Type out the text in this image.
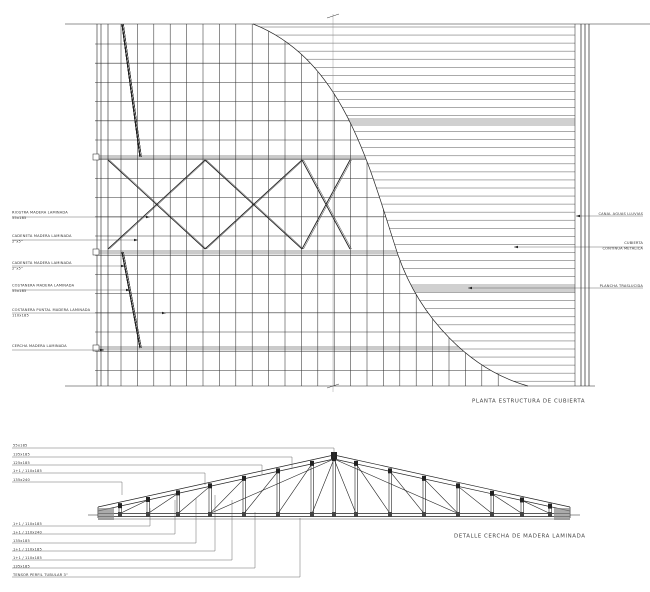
RIOSTRA MADERA LAMINADA
55x185
CADENETA MADERA LAMINADA
2"x5"
CADENETA MADERA LAMINADA
2"x5"
COSTANERA MADERA LAMINADA
55x185
COSTANERA PUNTAL MADERA LAMINADA
110x185
CERCHA MADERA LAMINADA
CANAL AGUAS LLUVIAS
CUBIERTA
CONTINUA METALICA
PLANCHA TRASLUCIDA
PLANTA ESTRUCTURA DE CUBIERTA
55x185
135x185
125x185
1+1 / 110x185
135x240
1+1 / 110x185
1+1 / 110x240
135x185
1+1 / 110x185
1+1 / 110x185
135x185
TENSOR PERFIL TUBULAR 3"
DETALLE CERCHA DE MADERA LAMINADA
